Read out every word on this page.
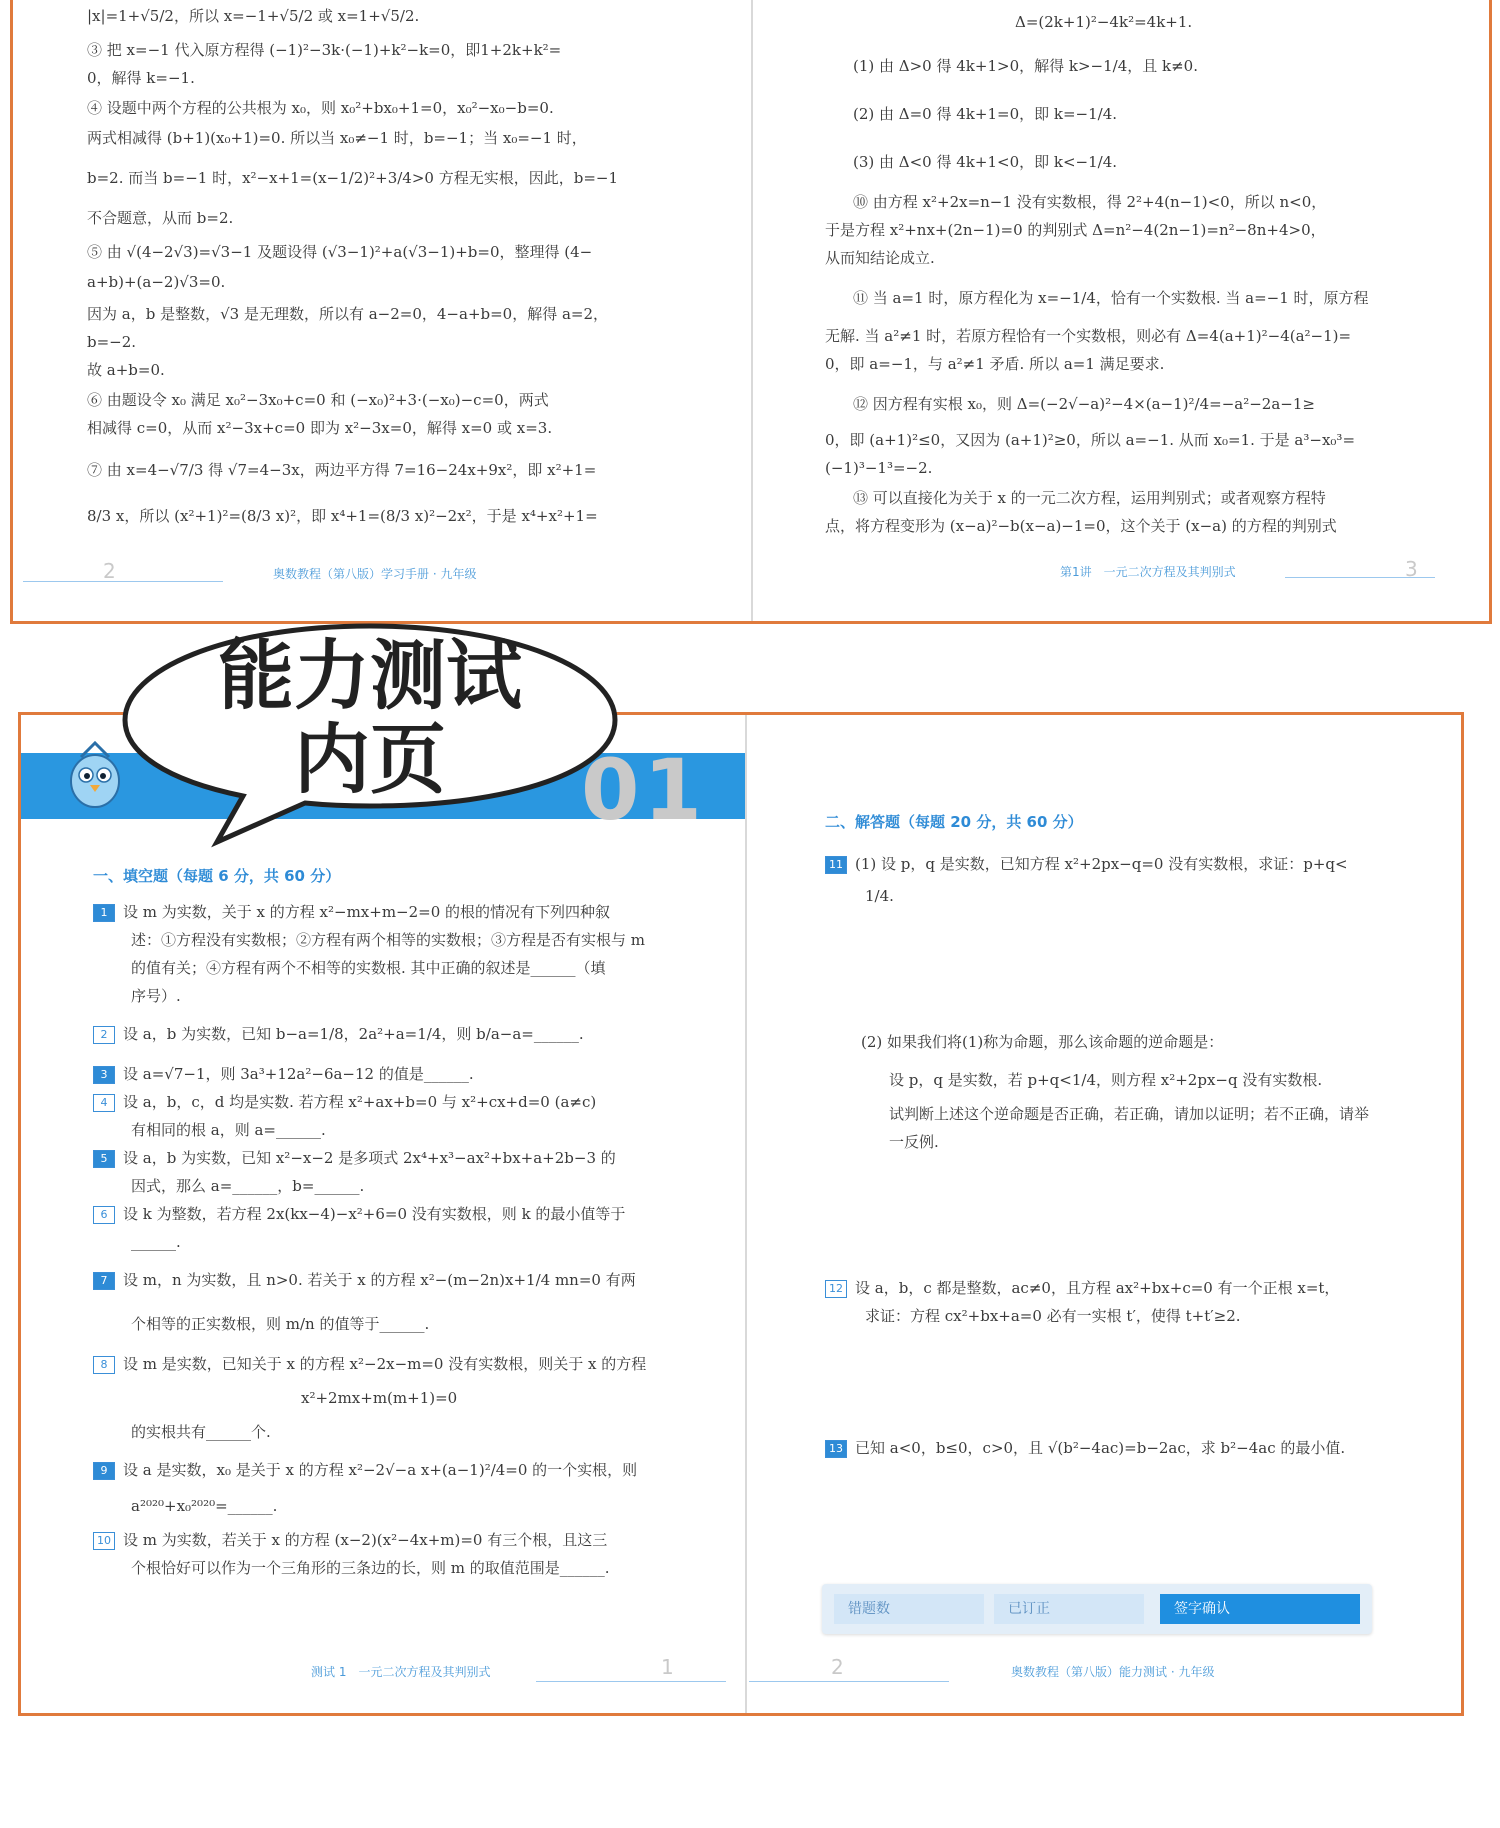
|x|=1+√5/2，所以 x=−1+√5/2 或 x=1+√5/2.
③ 把 x=−1 代入原方程得 (−1)²−3k·(−1)+k²−k=0，即1+2k+k²=
0，解得 k=−1.
④ 设题中两个方程的公共根为 x₀，则 x₀²+bx₀+1=0，x₀²−x₀−b=0.
两式相减得 (b+1)(x₀+1)=0. 所以当 x₀≠−1 时，b=−1；当 x₀=−1 时，
b=2. 而当 b=−1 时，x²−x+1=(x−1/2)²+3/4>0 方程无实根，因此，b=−1
不合题意，从而 b=2.
⑤ 由 √(4−2√3)=√3−1 及题设得 (√3−1)²+a(√3−1)+b=0，整理得 (4−
a+b)+(a−2)√3=0.
因为 a，b 是整数，√3 是无理数，所以有 a−2=0，4−a+b=0，解得 a=2，
b=−2.
故 a+b=0.
⑥ 由题设令 x₀ 满足 x₀²−3x₀+c=0 和 (−x₀)²+3·(−x₀)−c=0，两式
相减得 c=0，从而 x²−3x+c=0 即为 x²−3x=0，解得 x=0 或 x=3.
⑦ 由 x=4−√7/3 得 √7=4−3x，两边平方得 7=16−24x+9x²，即 x²+1=
8/3 x，所以 (x²+1)²=(8/3 x)²，即 x⁴+1=(8/3 x)²−2x²，于是 x⁴+x²+1=
2	奥数教程（第八版）学习手册 · 九年级
Δ=(2k+1)²−4k²=4k+1.
(1) 由 Δ>0 得 4k+1>0，解得 k>−1/4，且 k≠0.
(2) 由 Δ=0 得 4k+1=0，即 k=−1/4.
(3) 由 Δ<0 得 4k+1<0，即 k<−1/4.
⑩ 由方程 x²+2x=n−1 没有实数根，得 2²+4(n−1)<0，所以 n<0，
于是方程 x²+nx+(2n−1)=0 的判别式 Δ=n²−4(2n−1)=n²−8n+4>0，
从而知结论成立.
⑪ 当 a=1 时，原方程化为 x=−1/4，恰有一个实数根. 当 a=−1 时，原方程
无解. 当 a²≠1 时，若原方程恰有一个实数根，则必有 Δ=4(a+1)²−4(a²−1)=
0，即 a=−1，与 a²≠1 矛盾. 所以 a=1 满足要求.
⑫ 因方程有实根 x₀，则 Δ=(−2√−a)²−4×(a−1)²/4=−a²−2a−1≥
0，即 (a+1)²≤0，又因为 (a+1)²≥0，所以 a=−1. 从而 x₀=1. 于是 a³−x₀³=
(−1)³−1³=−2.
⑬ 可以直接化为关于 x 的一元二次方程，运用判别式；或者观察方程特
点，将方程变形为 (x−a)²−b(x−a)−1=0，这个关于 (x−a) 的方程的判别式
第1讲　一元二次方程及其判别式	3
01
一、填空题（每题 6 分，共 60 分）
1 设 m 为实数，关于 x 的方程 x²−mx+m−2=0 的根的情况有下列四种叙
述：①方程没有实数根；②方程有两个相等的实数根；③方程是否有实根与 m
的值有关；④方程有两个不相等的实数根. 其中正确的叙述是______（填
序号）.
2 设 a，b 为实数，已知 b−a=1/8，2a²+a=1/4，则 b/a−a=______.
3 设 a=√7−1，则 3a³+12a²−6a−12 的值是______.
4 设 a，b，c，d 均是实数. 若方程 x²+ax+b=0 与 x²+cx+d=0 (a≠c)
有相同的根 a，则 a=______.
5 设 a，b 为实数，已知 x²−x−2 是多项式 2x⁴+x³−ax²+bx+a+2b−3 的
因式，那么 a=______，b=______.
6 设 k 为整数，若方程 2x(kx−4)−x²+6=0 没有实数根，则 k 的最小值等于
______.
7 设 m，n 为实数，且 n>0. 若关于 x 的方程 x²−(m−2n)x+1/4 mn=0 有两
个相等的正实数根，则 m/n 的值等于______.
8 设 m 是实数，已知关于 x 的方程 x²−2x−m=0 没有实数根，则关于 x 的方程
x²+2mx+m(m+1)=0
的实根共有______个.
9 设 a 是实数，x₀ 是关于 x 的方程 x²−2√−a x+(a−1)²/4=0 的一个实根，则
a²⁰²⁰+x₀²⁰²⁰=______.
10 设 m 为实数，若关于 x 的方程 (x−2)(x²−4x+m)=0 有三个根，且这三
个根恰好可以作为一个三角形的三条边的长，则 m 的取值范围是______.
测试 1　一元二次方程及其判别式	1
二、解答题（每题 20 分，共 60 分）
11 (1) 设 p，q 是实数，已知方程 x²+2px−q=0 没有实数根，求证：p+q<
1/4.
(2) 如果我们将(1)称为命题，那么该命题的逆命题是：
设 p，q 是实数，若 p+q<1/4，则方程 x²+2px−q 没有实数根.
试判断上述这个逆命题是否正确，若正确，请加以证明；若不正确，请举
一反例.
12 设 a，b，c 都是整数，ac≠0，且方程 ax²+bx+c=0 有一个正根 x=t，
求证：方程 cx²+bx+a=0 必有一实根 t′，使得 t+t′≥2.
13 已知 a<0，b≤0，c>0，且 √(b²−4ac)=b−2ac，求 b²−4ac 的最小值.
2	奥数教程（第八版）能力测试 · 九年级
错题数	已订正	签字确认
能力测试
内页
